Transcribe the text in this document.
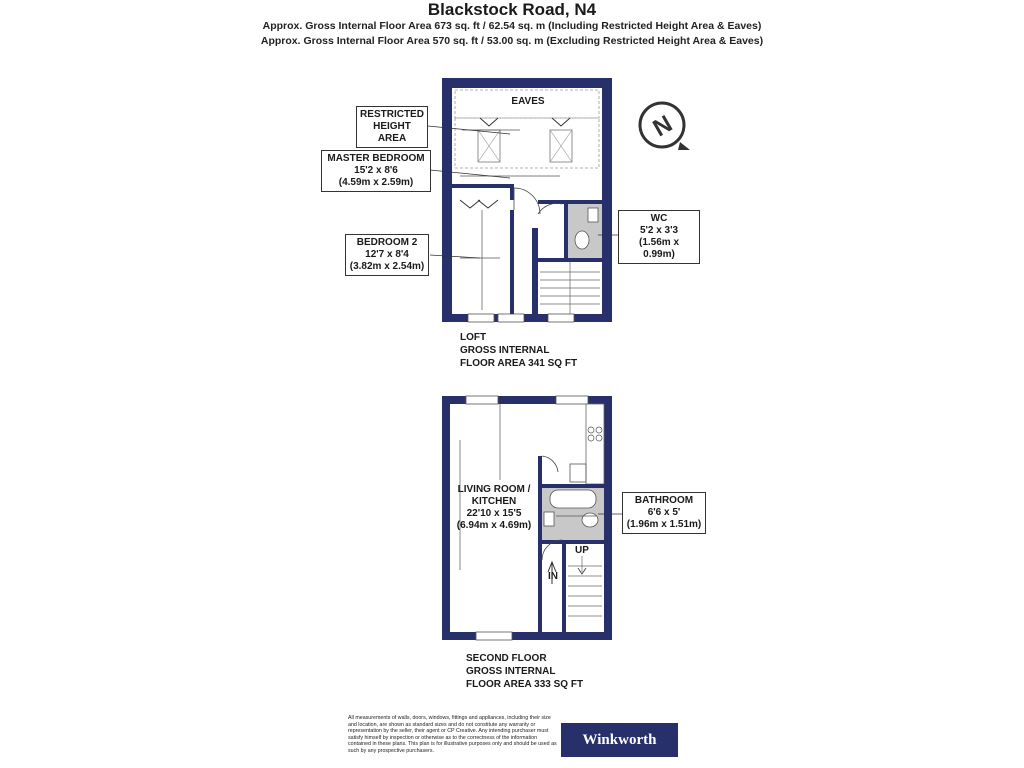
Blackstock Road, N4
Approx. Gross Internal Floor Area 673 sq. ft / 62.54 sq. m (Including Restricted Height Area & Eaves)
Approx. Gross Internal Floor Area 570 sq. ft / 53.00 sq. m (Excluding Restricted Height Area & Eaves)
N
EAVES
RESTRICTED
HEIGHT
AREA
MASTER BEDROOM
15'2 x 8'6
(4.59m x 2.59m)
BEDROOM 2
12'7 x 8'4
(3.82m x 2.54m)
WC
5'2 x 3'3
(1.56m x 0.99m)
LOFT
GROSS INTERNAL
FLOOR AREA 341 SQ FT
LIVING ROOM /
KITCHEN
22'10 x 15'5
(6.94m x 4.69m)
BATHROOM
6'6 x 5'
(1.96m x 1.51m)
IN
UP
SECOND FLOOR
GROSS INTERNAL
FLOOR AREA 333 SQ FT
All measurements of walls, doors, windows, fittings and appliances, including their size and location, are shown as standard sizes and do not constitute any warranty or representation by the seller, their agent or CP Creative. Any intending purchaser must satisfy himself by inspection or otherwise as to the correctness of the information contained in these plans. This plan is for illustrative purposes only and should be used as such by any prospective purchasers.
Winkworth
